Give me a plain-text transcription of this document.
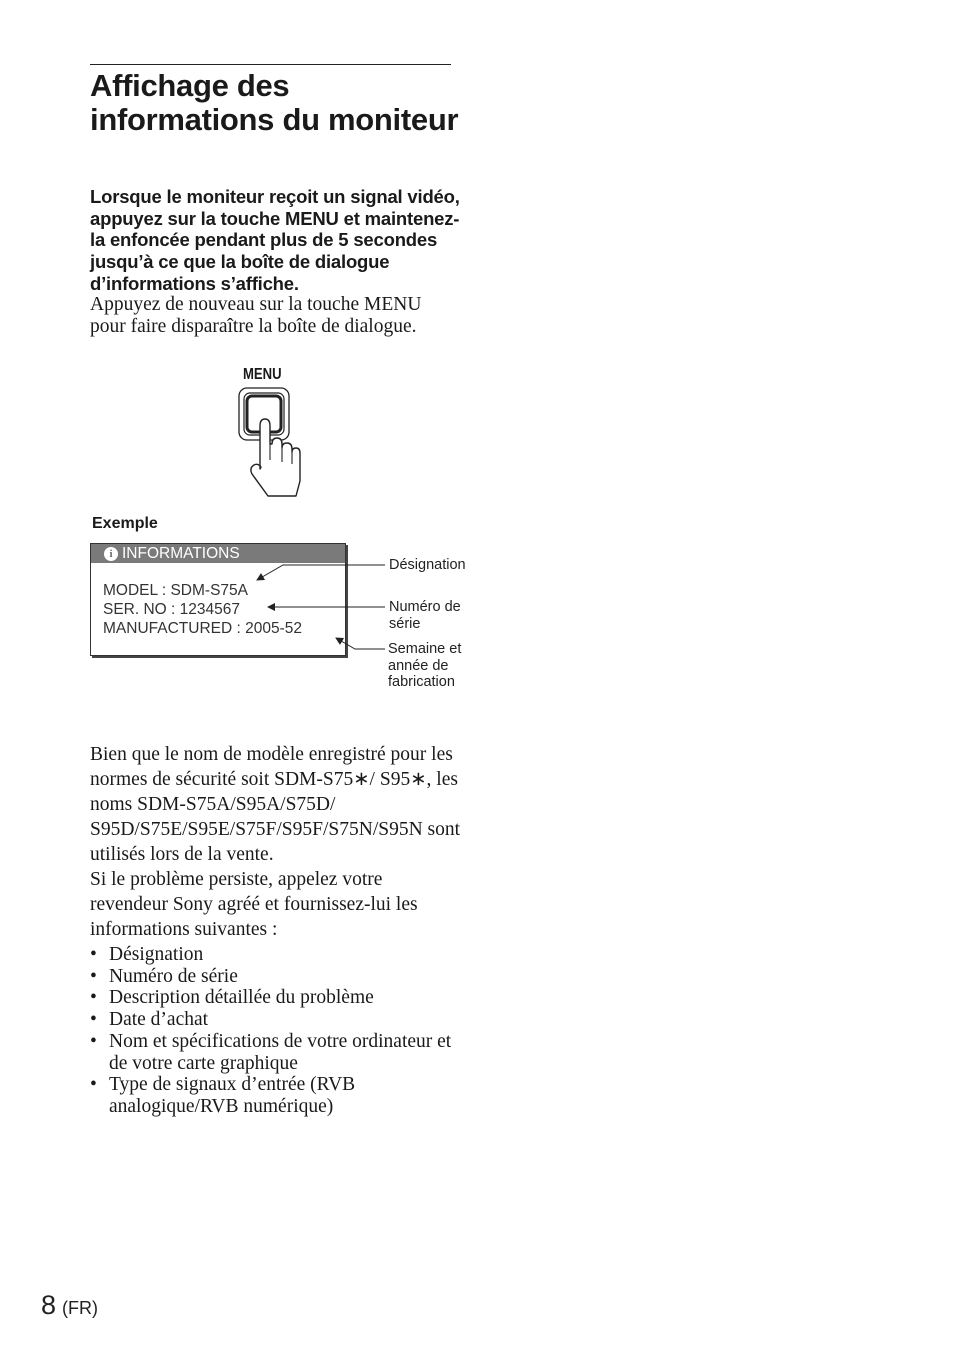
Affichage des informations du moniteur

Lorsque le moniteur reçoit un signal vidéo, appuyez sur la touche MENU et maintenez-la enfoncée pendant plus de 5 secondes jusqu’à ce que la boîte de dialogue d’informations s’affiche.

Appuyez de nouveau sur la touche MENU pour faire disparaître la boîte de dialogue.

MENU
Exemple
i INFORMATIONS
MODEL : SDM-S75A
SER. NO : 1234567
MANUFACTURED : 2005-52
Désignation
Numéro de série
Semaine et année de fabrication

Bien que le nom de modèle enregistré pour les normes de sécurité soit SDM-S75∗/ S95∗, les noms SDM-S75A/S95A/S75D/ S95D/S75E/S95E/S75F/S95F/S75N/S95N sont utilisés lors de la vente.

Si le problème persiste, appelez votre revendeur Sony agréé et fournissez-lui les informations suivantes :

• Désignation
• Numéro de série
• Description détaillée du problème
• Date d’achat
• Nom et spécifications de votre ordinateur et de votre carte graphique
• Type de signaux d’entrée (RVB analogique/RVB numérique)
8 (FR)
